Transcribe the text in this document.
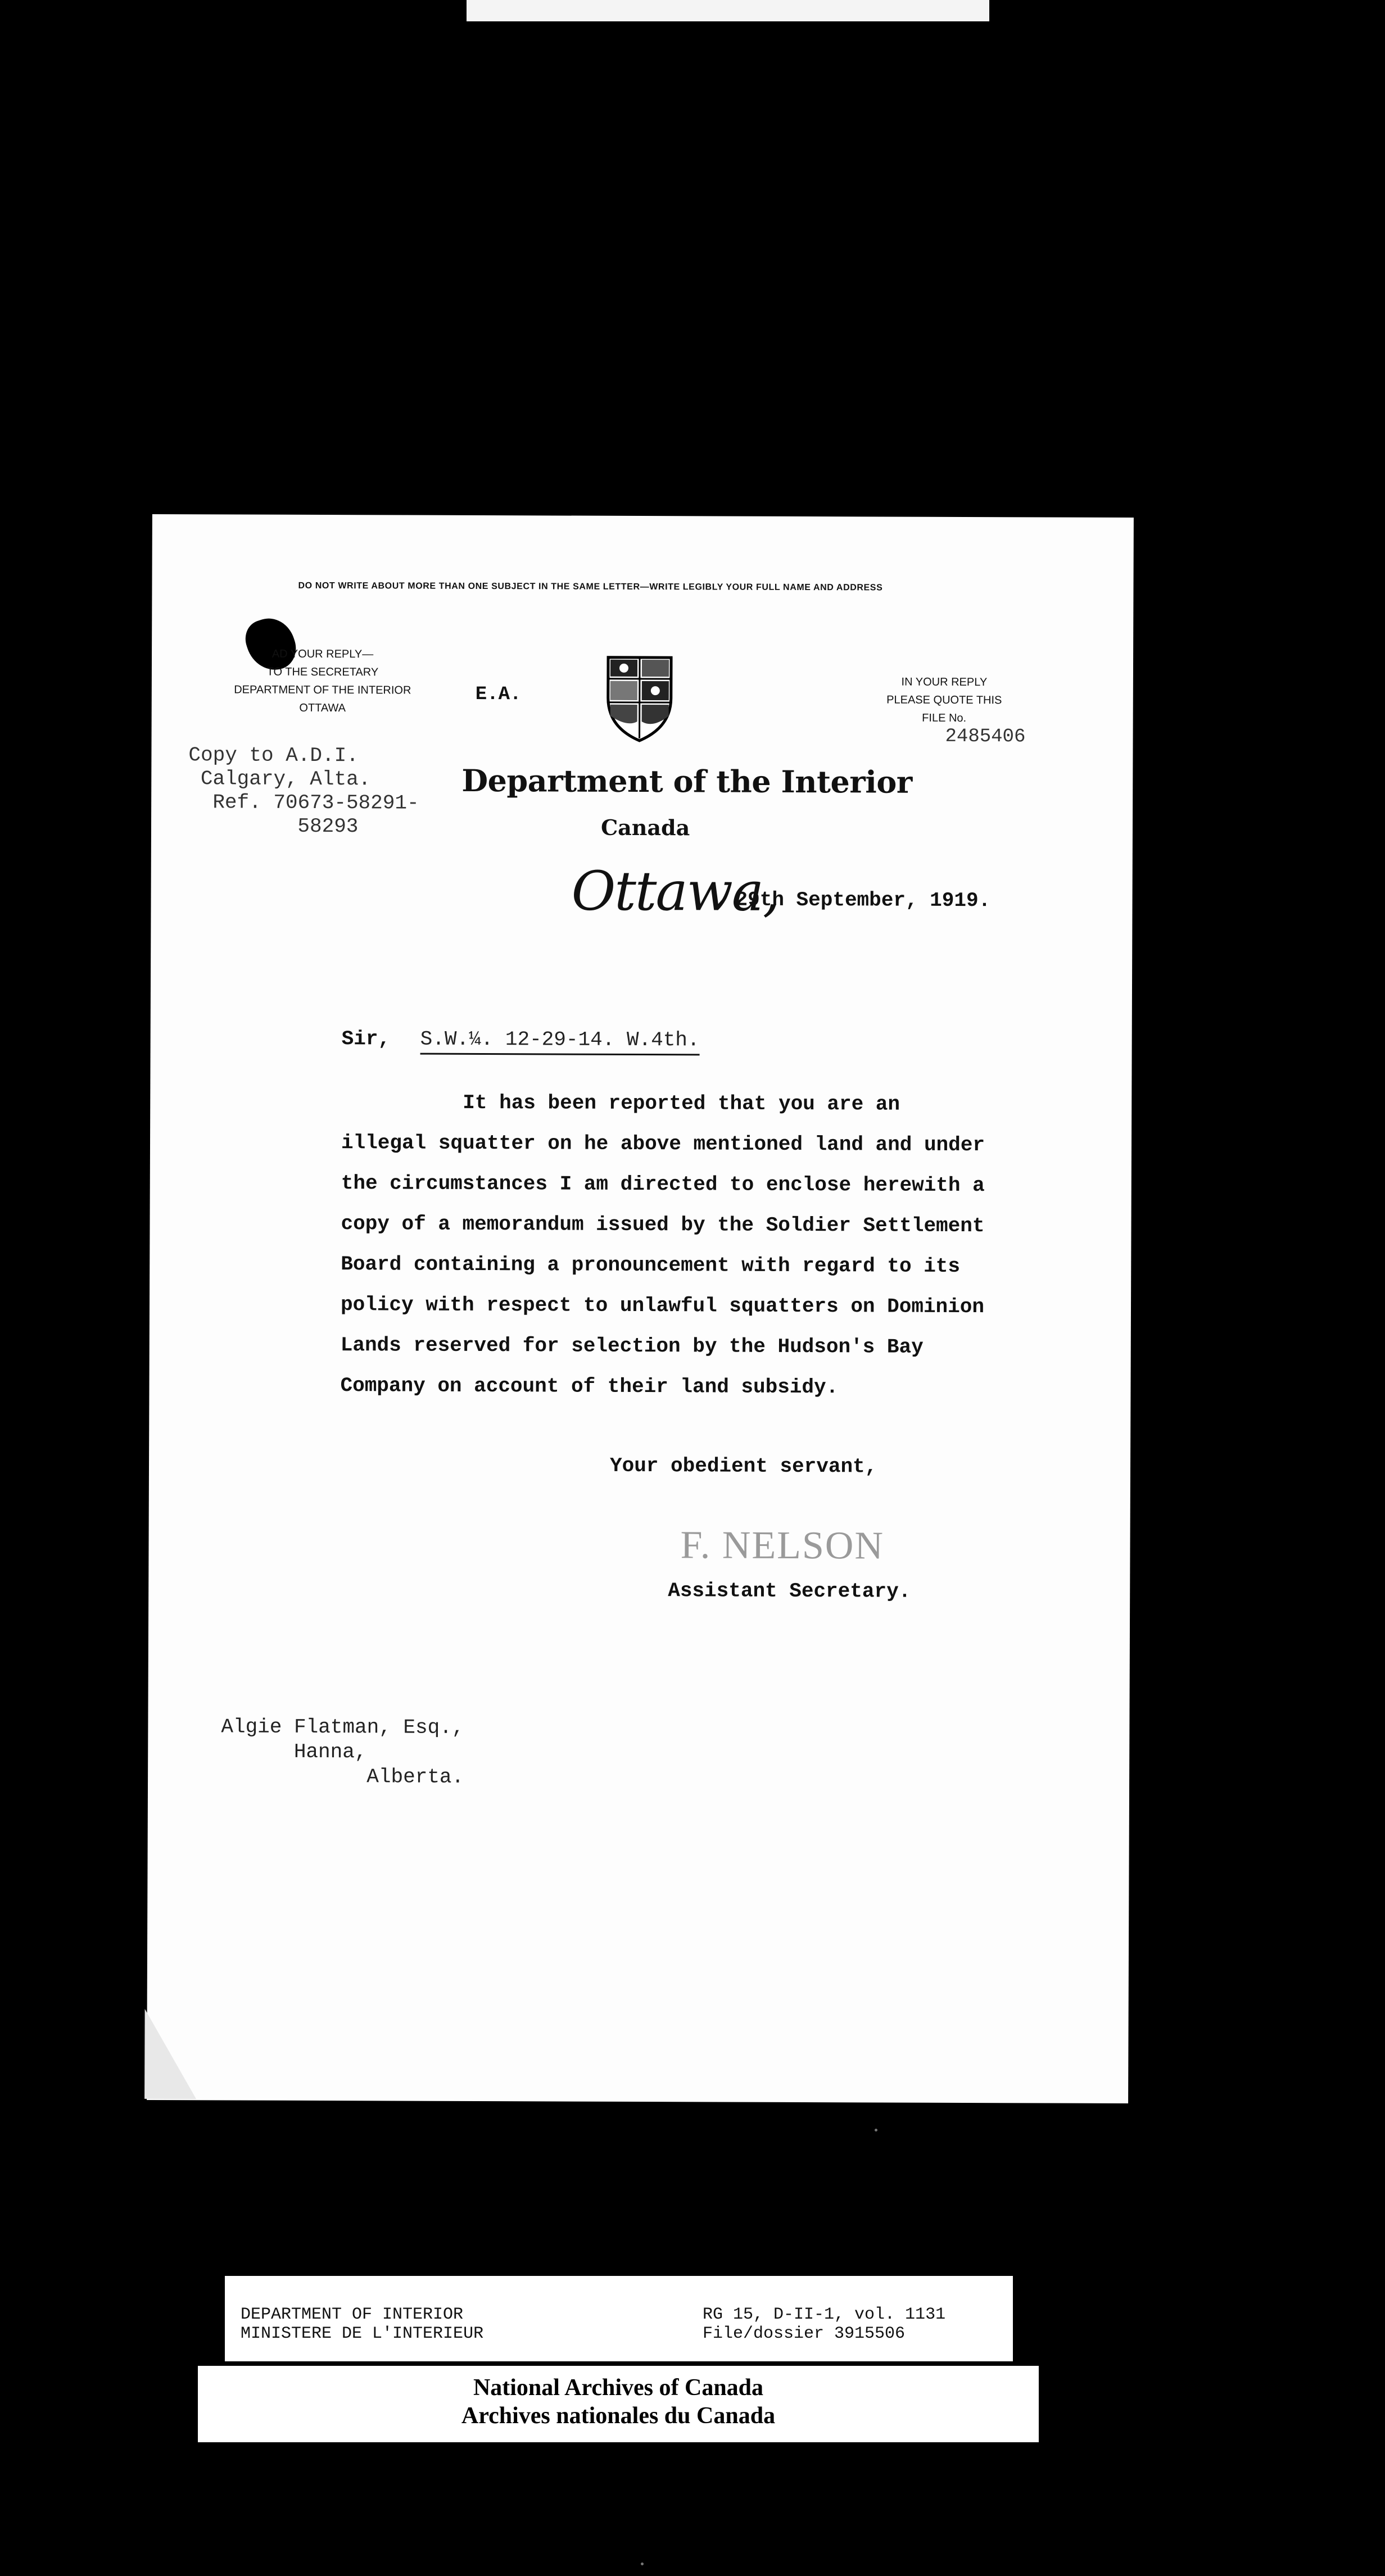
DO NOT WRITE ABOUT MORE THAN ONE SUBJECT IN THE SAME LETTER—WRITE LEGIBLY YOUR FULL NAME AND ADDRESS

AD YOUR REPLY—
TO THE SECRETARY
DEPARTMENT OF THE INTERIOR
OTTAWA

E.A.

IN YOUR REPLY
PLEASE QUOTE THIS
FILE No.

2485406

Copy to A.D.I.
Calgary, Alta.
Ref. 70673-58291-
58293

Department of the Interior

Canada

Ottawa,

29th September, 1919.

Sir, S.W.¼. 12-29-14. W.4th.

It has been reported that you are an
illegal squatter on he above mentioned land and under
the circumstances I am directed to enclose herewith a
copy of a memorandum issued by the Soldier Settlement
Board containing a pronouncement with regard to its
policy with respect to unlawful squatters on Dominion
Lands reserved for selection by the Hudson's Bay
Company on account of their land subsidy.

Your obedient servant,

F. NELSON

Assistant Secretary.

Algie Flatman, Esq.,
Hanna,
Alberta.
DEPARTMENT OF INTERIOR
MINISTERE DE L'INTERIEUR
RG 15, D-II-1, vol. 1131
File/dossier 3915506
National Archives of Canada
Archives nationales du Canada
